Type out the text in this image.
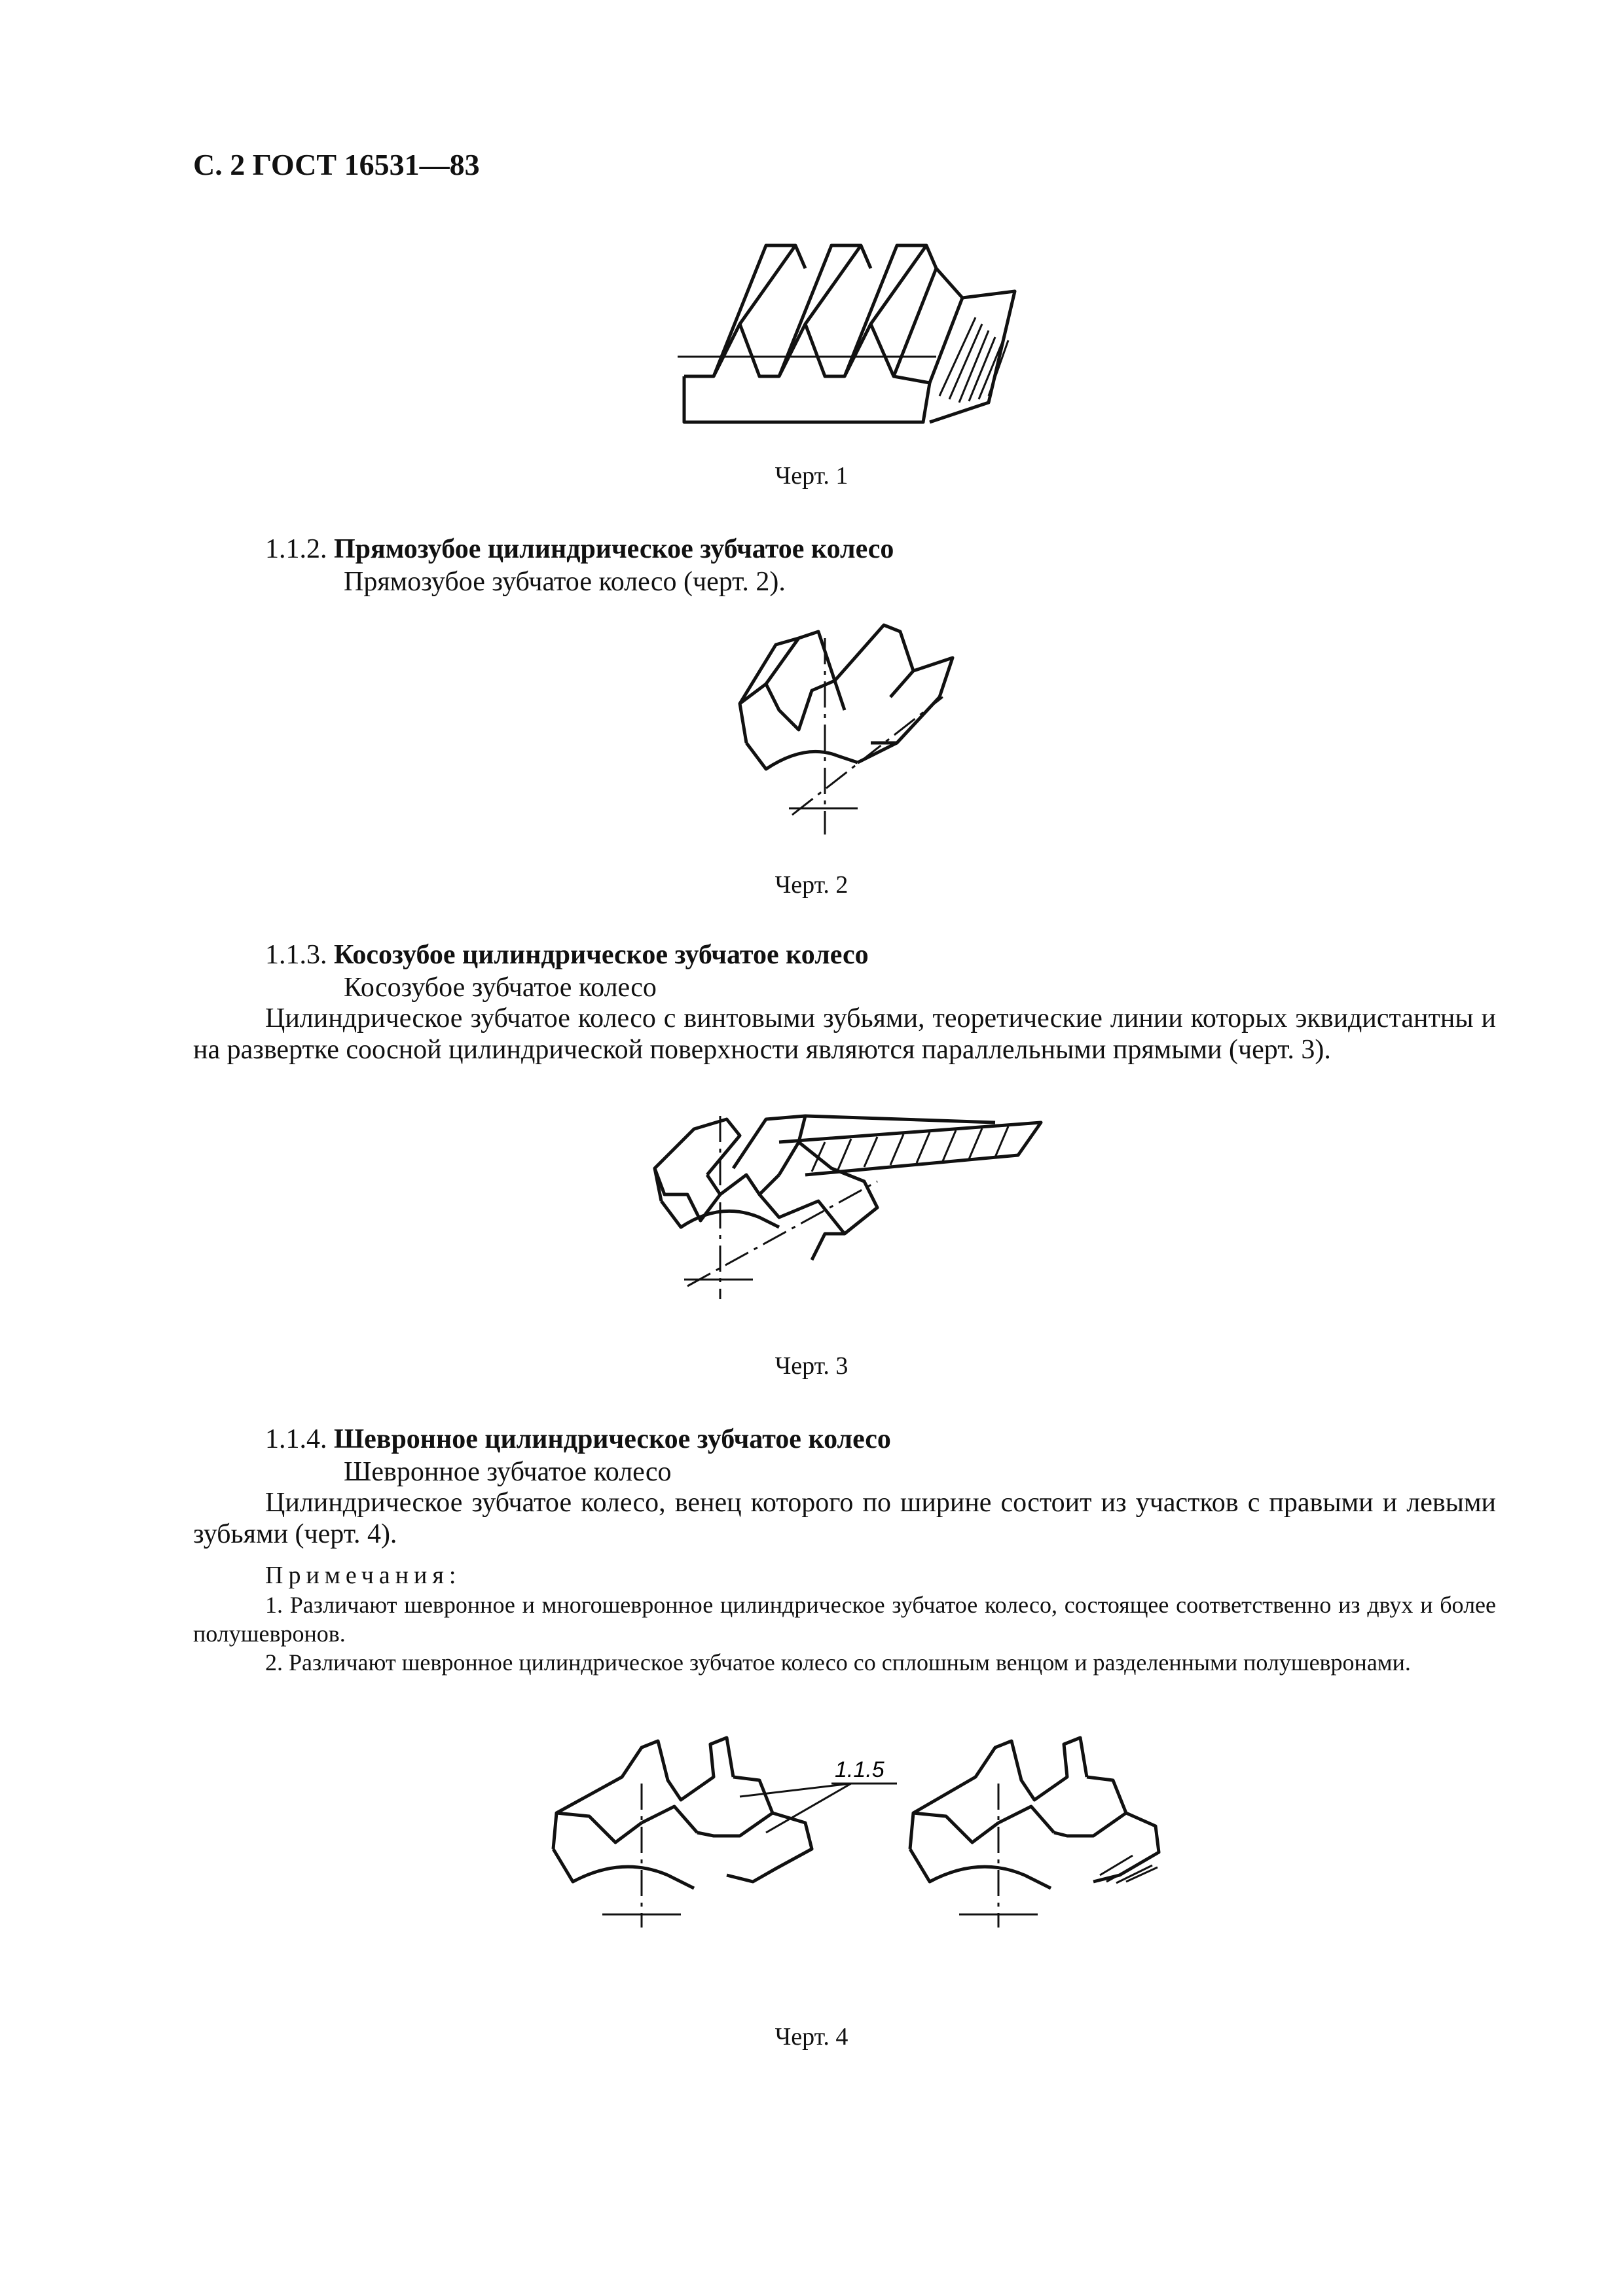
С. 2 ГОСТ 16531—83
Черт. 1
1.1.2. Прямозубое цилиндрическое зубчатое колесо
Прямозубое зубчатое колесо (черт. 2).
Черт. 2
1.1.3. Косозубое цилиндрическое зубчатое колесо
Косозубое зубчатое колесо
Цилиндрическое зубчатое колесо с винтовыми зубьями, теоретические линии которых эквидистантны и на развертке соосной цилиндрической поверхности являются параллельными прямыми (черт. 3).
Черт. 3
1.1.4. Шевронное цилиндрическое зубчатое колесо
Шевронное зубчатое колесо
Цилиндрическое зубчатое колесо, венец которого по ширине состоит из участков с правыми и левыми зубьями (черт. 4).
Примечания:
1. Различают шевронное и многошевронное цилиндрическое зубчатое колесо, состоящее соответственно из двух и более полушевронов.
2. Различают шевронное цилиндрическое зубчатое колесо со сплошным венцом и разделенными полушевронами.
1.1.5
Черт. 4
